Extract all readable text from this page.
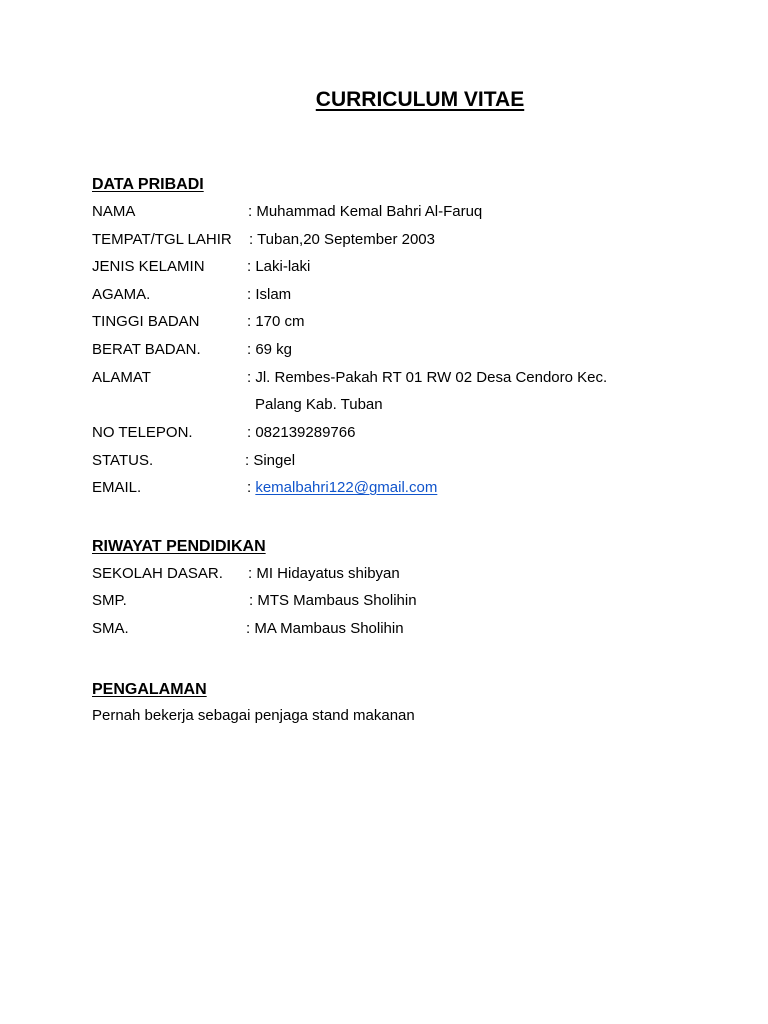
CURRICULUM VITAE
DATA PRIBADI
NAMA	: Muhammad Kemal Bahri Al-Faruq
TEMPAT/TGL LAHIR : Tuban,20 September 2003
JENIS KELAMIN	: Laki-laki
AGAMA.	: Islam
TINGGI BADAN	: 170 cm
BERAT BADAN.	: 69 kg
ALAMAT	: Jl. Rembes-Pakah RT 01 RW 02 Desa Cendoro Kec.
Palang Kab. Tuban
NO TELEPON.	: 082139289766
STATUS.	: Singel
EMAIL.	: kemalbahri122@gmail.com
RIWAYAT PENDIDIKAN
SEKOLAH DASAR. : MI Hidayatus shibyan
SMP.	: MTS Mambaus Sholihin
SMA.	: MA Mambaus Sholihin
PENGALAMAN
Pernah bekerja sebagai penjaga stand makanan
